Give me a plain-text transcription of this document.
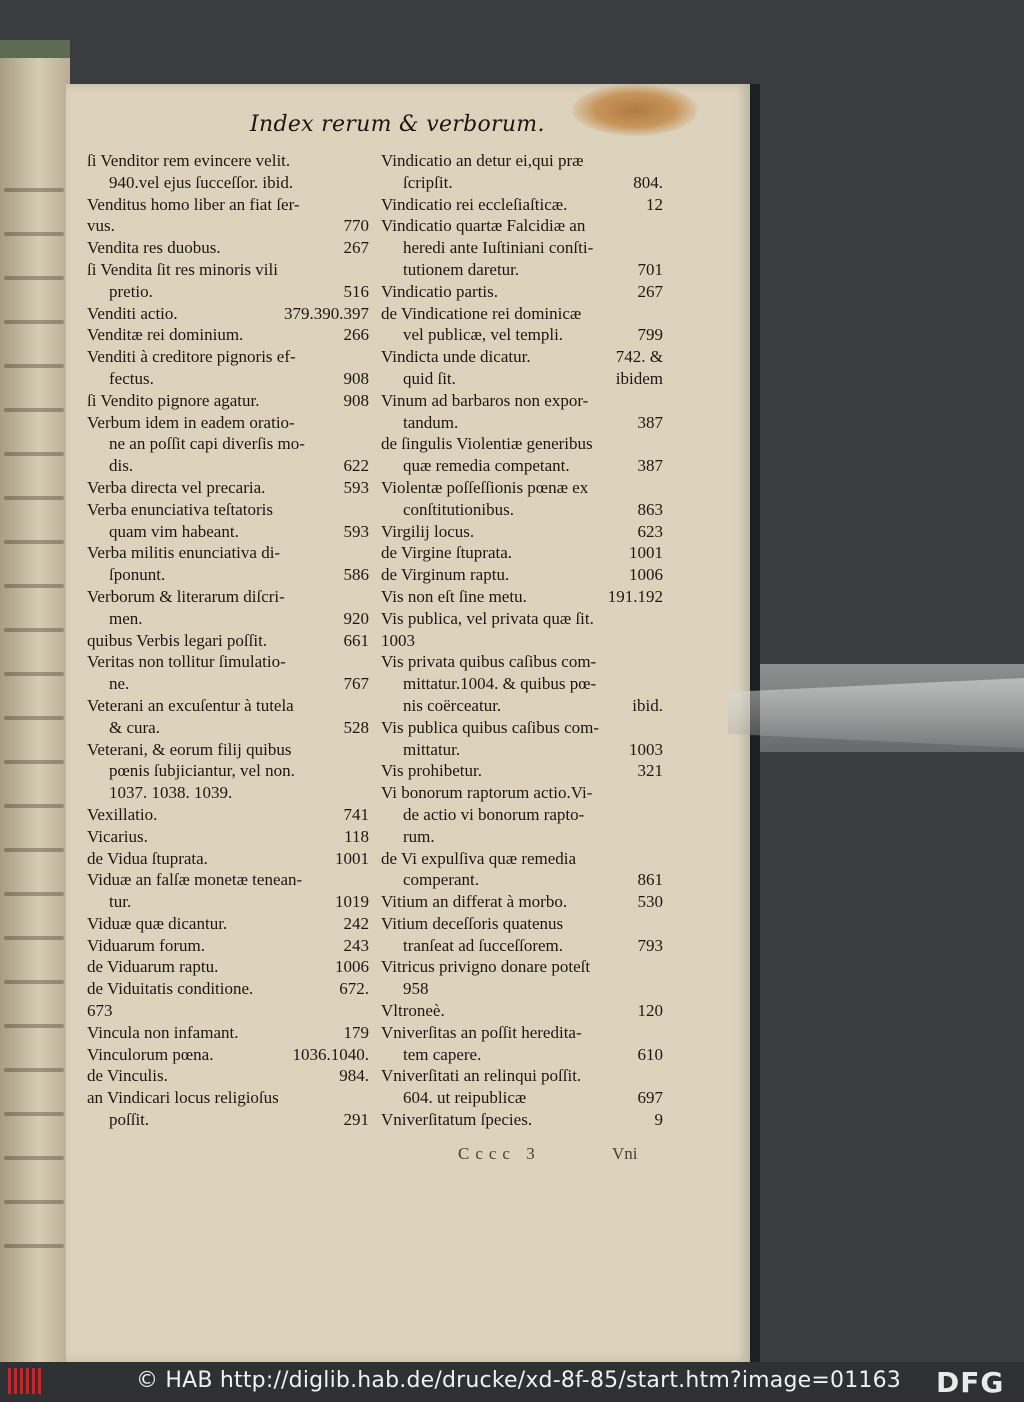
Index rerum & verborum.
ſi Venditor rem evincere velit.
940.vel ejus ſucceſſor. ibid.
Venditus homo liber an fiat ſer-
vus.	770
Vendita res duobus.	267
ſi Vendita ſit res minoris vili
pretio.	516
Venditi actio.	379.390.397
Venditæ rei dominium.	266
Venditi à creditore pignoris ef-
fectus.	908
ſi Vendito pignore agatur.	908
Verbum idem in eadem oratio-
ne an poſſit capi diverſis mo-
dis.	622
Verba directa vel precaria.	593
Verba enunciativa teſtatoris
quam vim habeant.	593
Verba militis enunciativa di-
ſponunt.	586
Verborum & literarum diſcri-
men.	920
quibus Verbis legari poſſit.	661
Veritas non tollitur ſimulatio-
ne.	767
Veterani an excuſentur à tutela
& cura.	528
Veterani, & eorum filij quibus
pœnis ſubjiciantur, vel non.
1037. 1038. 1039.
Vexillatio.	741
Vicarius.	118
de Vidua ſtuprata.	1001
Viduæ an falſæ monetæ tenean-
tur.	1019
Viduæ quæ dicantur.	242
Viduarum forum.	243
de Viduarum raptu.	1006
de Viduitatis conditione.	672.
673
Vincula non infamant.	179
Vinculorum pœna.	1036.1040.
de Vinculis.	984.
an Vindicari locus religioſus
poſſit.	291
Vindicatio an detur ei,qui præ
ſcripſit.	804.
Vindicatio rei eccleſiaſticæ.	12
Vindicatio quartæ Falcidiæ an
heredi ante Iuſtiniani conſti-
tutionem daretur.	701
Vindicatio partis.	267
de Vindicatione rei dominicæ
vel publicæ, vel templi.	799
Vindicta unde dicatur.	742. &
quid ſit.	ibidem
Vinum ad barbaros non expor-
tandum.	387
de ſingulis Violentiæ generibus
quæ remedia competant.	387
Violentæ poſſeſſionis pœnæ ex
conſtitutionibus.	863
Virgilij locus.	623
de Virgine ſtuprata.	1001
de Virginum raptu.	1006
Vis non eſt ſine metu.	191.192
Vis publica, vel privata quæ ſit.
1003
Vis privata quibus caſibus com-
mittatur.1004. & quibus pœ-
nis coërceatur.	ibid.
Vis publica quibus caſibus com-
mittatur.	1003
Vis prohibetur.	321
Vi bonorum raptorum actio.Vi-
de actio vi bonorum rapto-
rum.
de Vi expulſiva quæ remedia
comperant.	861
Vitium an differat à morbo.	530
Vitium deceſſoris quatenus
tranſeat ad ſucceſſorem.	793
Vitricus privigno donare poteſt
958
Vltroneè.	120
Vniverſitas an poſſit heredita-
tem capere.	610
Vniverſitati an relinqui poſſit.
604. ut reipublicæ	697
Vniverſitatum ſpecies.	9
Cccc 3	Vni
© HAB http://diglib.hab.de/drucke/xd-8f-85/start.htm?image=01163 DFG
